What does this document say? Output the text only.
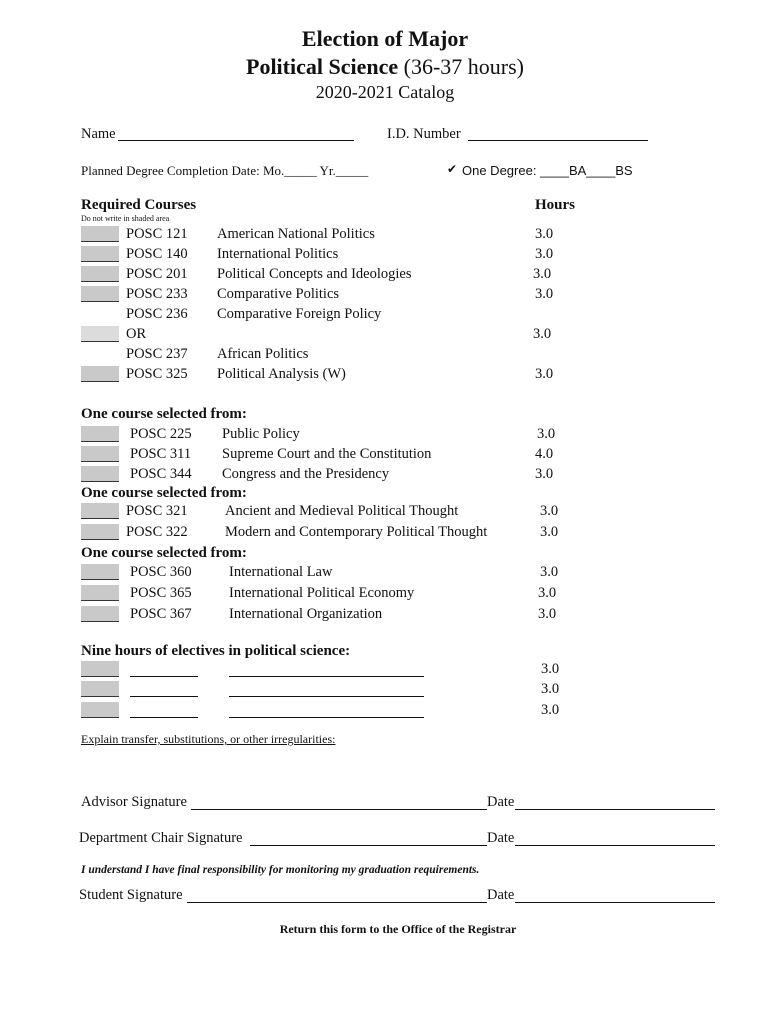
Election of Major
Political Science (36-37 hours)
2020-2021 Catalog
Name	I.D. Number
Planned Degree Completion Date: Mo._____ Yr._____	✔ One Degree: ____BA____BS
Required Courses	Hours
Do not write in shaded area
POSC 121 American National Politics	3.0
POSC 140 International Politics	3.0
POSC 201 Political Concepts and Ideologies	3.0
POSC 233 Comparative Politics	3.0
POSC 236 Comparative Foreign Policy
OR	3.0
POSC 237 African Politics
POSC 325 Political Analysis (W)	3.0
One course selected from:
POSC 225 Public Policy	3.0
POSC 311 Supreme Court and the Constitution	4.0
POSC 344 Congress and the Presidency	3.0
One course selected from:
POSC 321	Ancient and Medieval Political Thought	3.0
POSC 322	Modern and Contemporary Political Thought	3.0
One course selected from:
POSC 360	International Law	3.0
POSC 365	International Political Economy	3.0
POSC 367	International Organization	3.0
Nine hours of electives in political science:
3.0
3.0
3.0
Explain transfer, substitutions, or other irregularities:
Advisor Signature	Date
Department Chair Signature	Date
I understand I have final responsibility for monitoring my graduation requirements.
Student Signature	Date
Return this form to the Office of the Registrar
